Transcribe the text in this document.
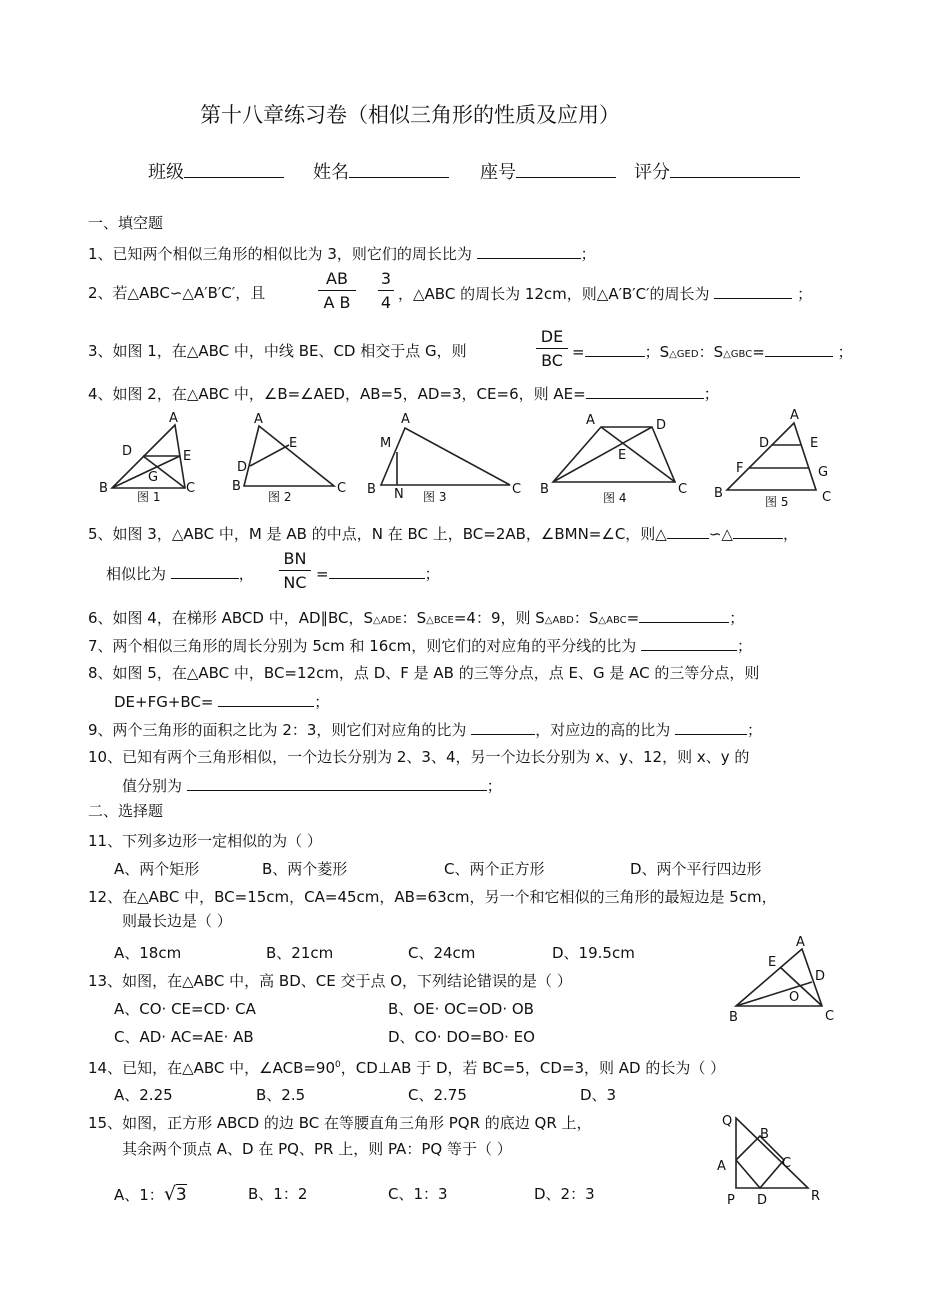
第十八章练习卷（相似三角形的性质及应用）
班级	姓名	座号	评分
一、填空题
1、已知两个相似三角形的相似比为 3，则它们的周长比为	；
2、若△ABC∽△A′B′C′，且
AB
A B
3
4 ，△ABC 的周长为 12cm，则△A′B′C′的周长为	；
3、如图 1，在△ABC 中，中线 BE、CD 相交于点 G，则
DE
BC =	；S△GED：S△GBC=	；
4、如图 2，在△ABC 中，∠B=∠AED，AB=5，AD=3，CE=6，则 AE=	；
A
D	E
G
B	C
图 1
A
E
D
B	C
图 2
A
M
B N	C
图 3
A	D
E
B	C
图 4
A
D	E
F	G
B	C
图 5
5、如图 3，△ABC 中，M 是 AB 的中点，N 在 BC 上，BC=2AB，∠BMN=∠C，则△	∽△	，
相似比为	，
BN
NC =	；
6、如图 4，在梯形 ABCD 中，AD∥BC，S△ADE：S△BCE=4：9，则 S△ABD：S△ABC=	；
7、两个相似三角形的周长分别为 5cm 和 16cm，则它们的对应角的平分线的比为	；
8、如图 5，在△ABC 中，BC=12cm，点 D、F 是 AB 的三等分点，点 E、G 是 AC 的三等分点，则
DE+FG+BC=	；
9、两个三角形的面积之比为 2：3，则它们对应角的比为	，对应边的高的比为	；
10、已知有两个三角形相似，一个边长分别为 2、3、4，另一个边长分别为 x、y、12，则 x、y 的
值分别为	；
二、选择题
11、下列多边形一定相似的为（ ）
A、两个矩形	B、两个菱形	C、两个正方形	D、两个平行四边形
12、在△ABC 中，BC=15cm，CA=45cm，AB=63cm，另一个和它相似的三角形的最短边是 5cm，
则最长边是（ ）
A、18cm	B、21cm	C、24cm	D、19.5cm
13、如图，在△ABC 中，高 BD、CE 交于点 O，下列结论错误的是（ ）
A、CO· CE=CD· CA	B、OE· OC=OD· OB
C、AD· AC=AE· AB	D、CO· DO=BO· EO
A
E
D
O
B	C
14、已知，在△ABC 中，$\angle ACB=90^0$，CD⊥AB 于 D，若 BC=5，CD=3，则 AD 的长为（ ）
A、2.25	B、2.5	C、2.75	D、3
15、如图，正方形 ABCD 的边 BC 在等腰直角三角形 PQR 的底边 QR 上，
其余两个顶点 A、D 在 PQ、PR 上，则 PA：PQ 等于（ ）
A、1：√3	B、1：2	C、1：3	D、2：3
Q
B
A	C
P D	R
